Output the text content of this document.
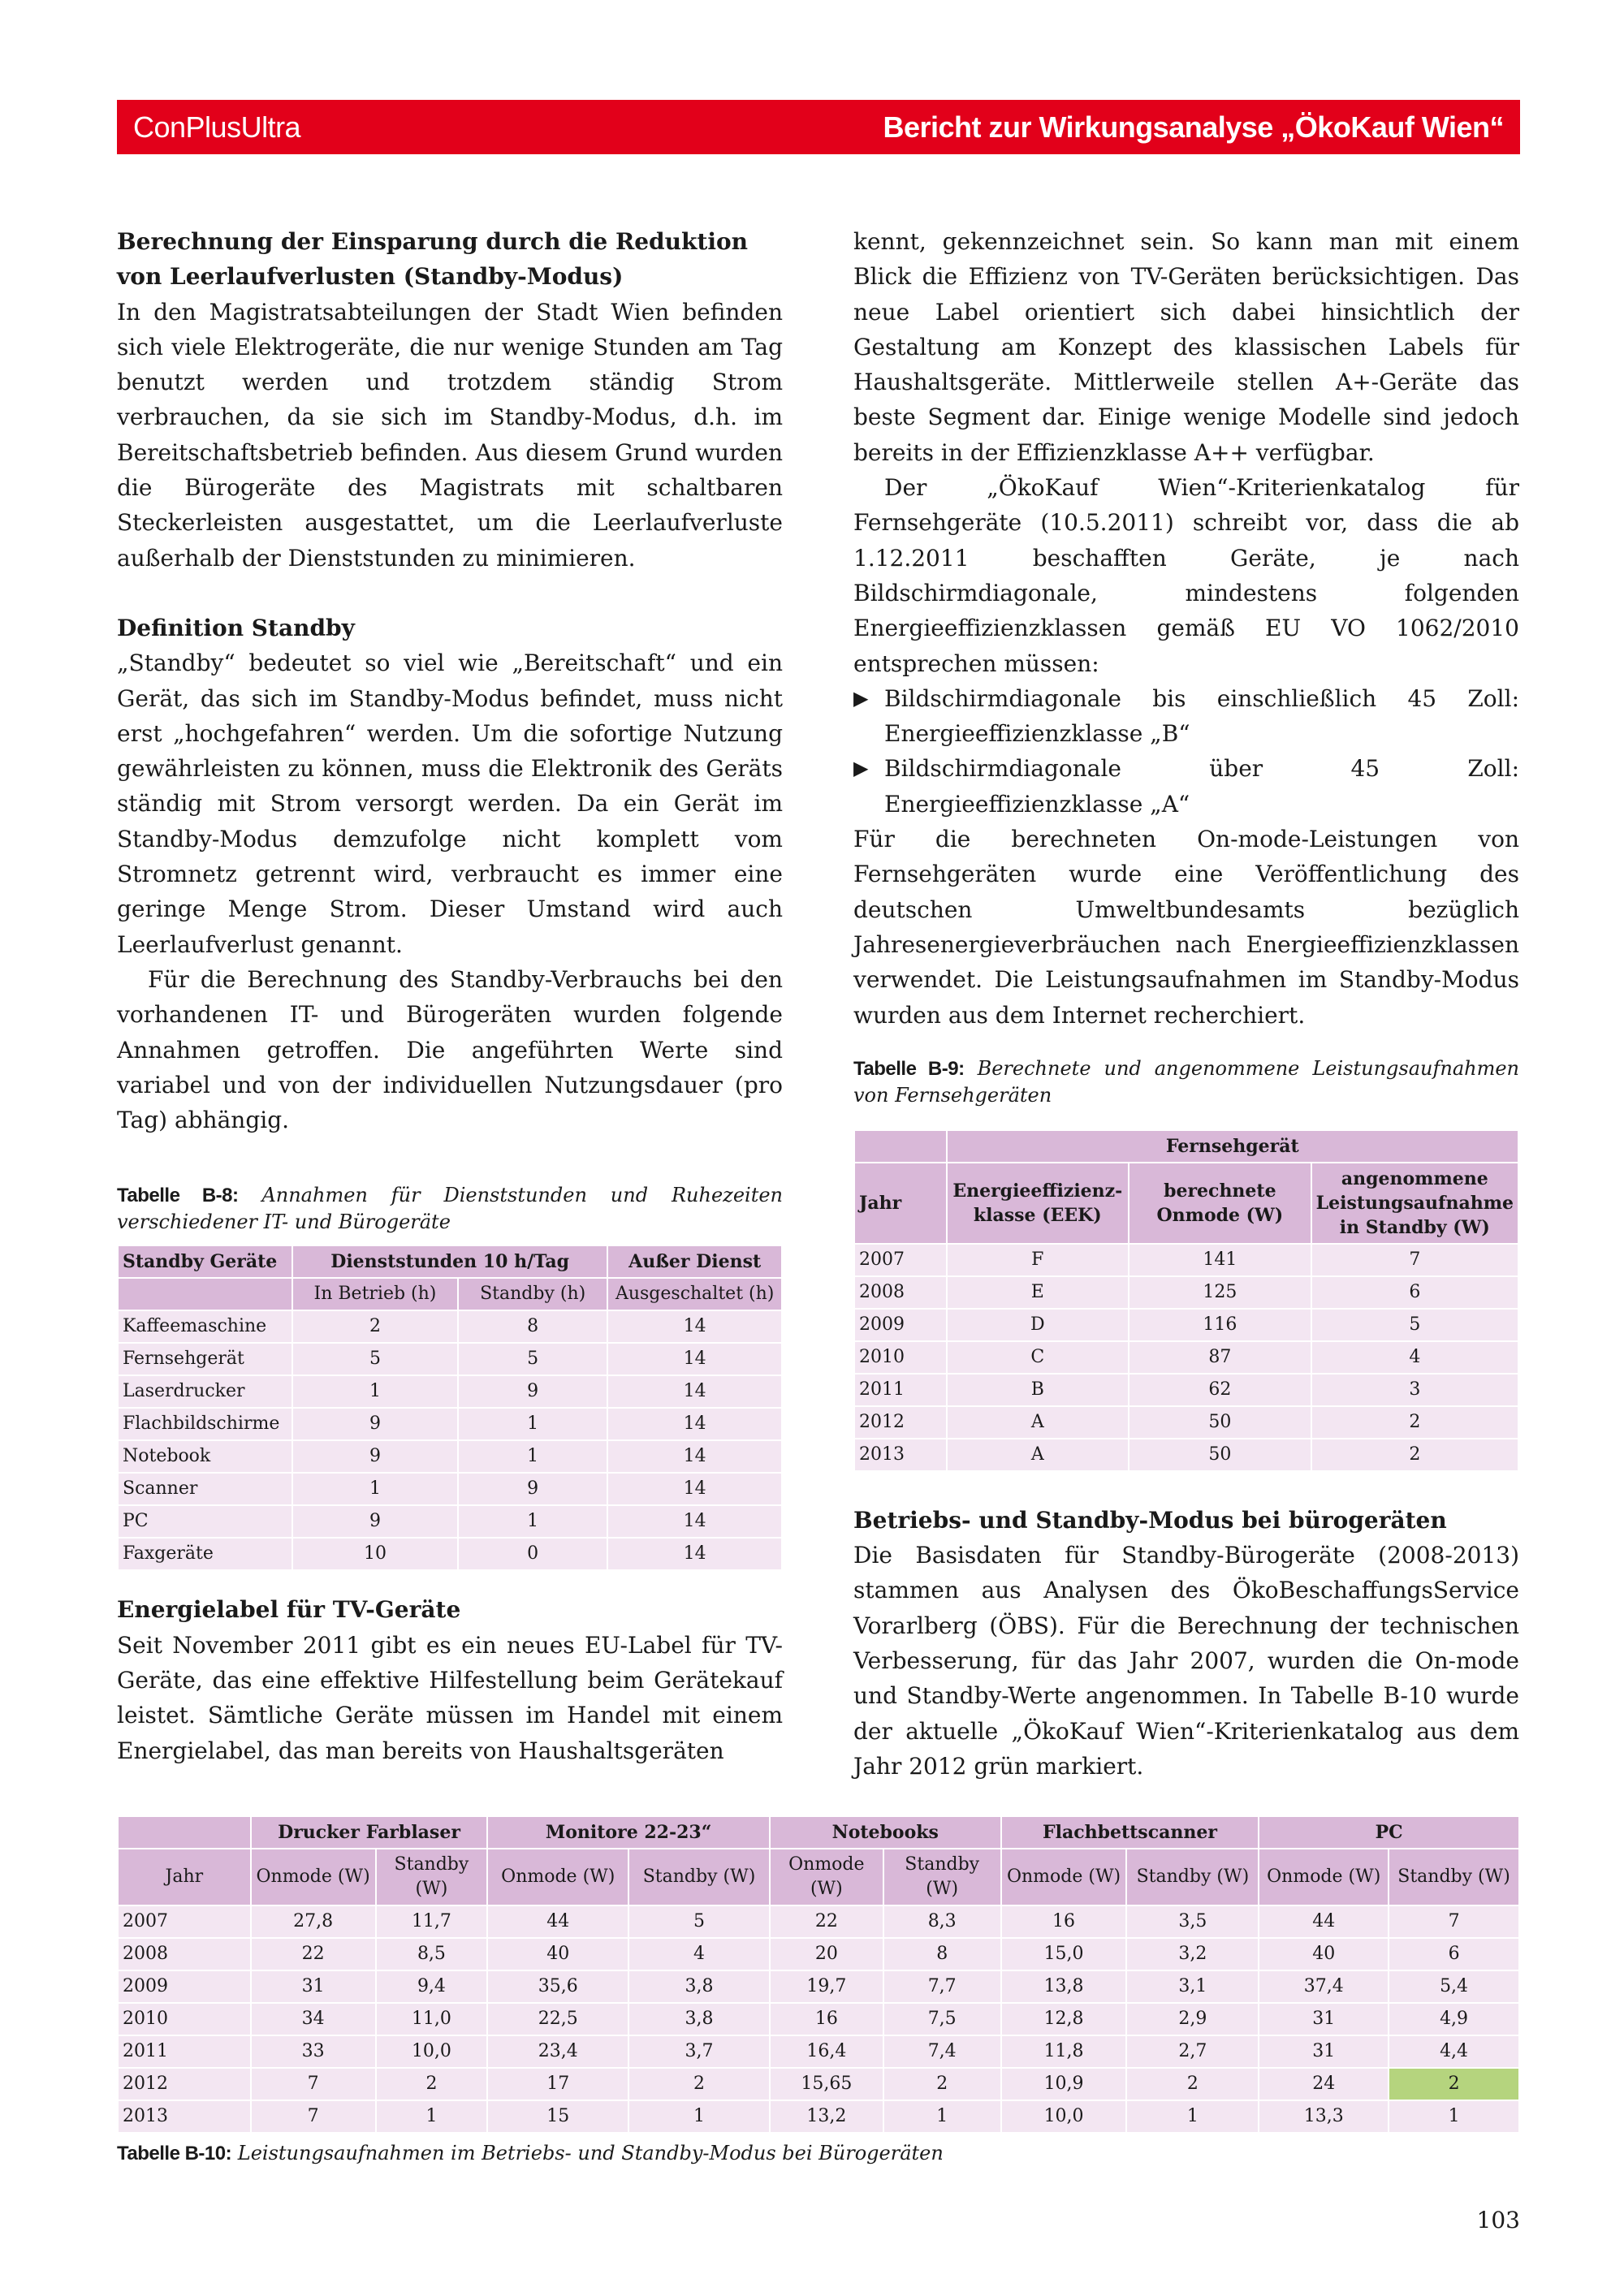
ConPlusUltra	Bericht zur Wirkungsanalyse „ÖkoKauf Wien“
Berechnung der Einsparung durch die Reduktion von Leerlaufverlusten (Standby-Modus)

In den Magistratsabteilungen der Stadt Wien befinden sich viele Elektrogeräte, die nur wenige Stunden am Tag benutzt werden und trotzdem ständig Strom verbrauchen, da sie sich im Standby-Modus, d.h. im Bereitschaftsbetrieb befinden. Aus diesem Grund wurden die Bürogeräte des Magistrats mit schaltbaren Steckerleisten ausgestattet, um die Leerlaufverluste außerhalb der Dienststunden zu minimieren.

Definition Standby

„Standby“ bedeutet so viel wie „Bereitschaft“ und ein Gerät, das sich im Standby-Modus befindet, muss nicht erst „hochgefahren“ werden. Um die sofortige Nutzung gewährleisten zu können, muss die Elektronik des Geräts ständig mit Strom versorgt werden. Da ein Gerät im Standby-Modus demzufolge nicht komplett vom Stromnetz getrennt wird, verbraucht es immer eine geringe Menge Strom. Dieser Umstand wird auch Leerlaufverlust genannt.

Für die Berechnung des Standby-Verbrauchs bei den vorhandenen IT- und Bürogeräten wurden folgende Annahmen getroffen. Die angeführten Werte sind variabel und von der individuellen Nutzungsdauer (pro Tag) abhängig.

Tabelle B-8: Annahmen für Dienststunden und Ruhezeiten verschiedener IT- und Bürogeräte

Standby Geräte	Dienststunden 10 h/Tag		Außer Dienst
	In Betrieb (h)	Standby (h)	Ausgeschaltet (h)
Kaffeemaschine	2	8	14
Fernsehgerät	5	5	14
Laserdrucker	1	9	14
Flachbildschirme	9	1	14
Notebook	9	1	14
Scanner	1	9	14
PC	9	1	14
Faxgeräte	10	0	14
Energielabel für TV-Geräte

Seit November 2011 gibt es ein neues EU-Label für TV-Geräte, das eine effektive Hilfestellung beim Gerätekauf leistet. Sämtliche Geräte müssen im Handel mit einem Energielabel, das man bereits von Haushaltsgeräten

kennt, gekennzeichnet sein. So kann man mit einem Blick die Effizienz von TV-Geräten berücksichtigen. Das neue Label orientiert sich dabei hinsichtlich der Gestaltung am Konzept des klassischen Labels für Haushaltsgeräte. Mittlerweile stellen A+-Geräte das beste Segment dar. Einige wenige Modelle sind jedoch bereits in der Effizienzklasse A++ verfügbar.

Der „ÖkoKauf Wien“-Kriterienkatalog für Fernsehgeräte (10.5.2011) schreibt vor, dass die ab 1.12.2011 beschafften Geräte, je nach Bildschirmdiagonale, mindestens folgenden Energieeffizienzklassen gemäß EU VO 1062/2010 entsprechen müssen:

▶ Bildschirmdiagonale bis einschließlich 45 Zoll: Energieeffizienzklasse „B“
▶ Bildschirmdiagonale über 45 Zoll: Energieeffizienzklasse „A“

Für die berechneten On-mode-Leistungen von Fernsehgeräten wurde eine Veröffentlichung des deutschen Umweltbundesamts bezüglich Jahresenergieverbräuchen nach Energieeffizienzklassen verwendet. Die Leistungsaufnahmen im Standby-Modus wurden aus dem Internet recherchiert.

Tabelle B-9: Berechnete und angenommene Leistungsaufnahmen von Fernsehgeräten

	Fernsehgerät		
Jahr	Energieeffizienz-klasse (EEK)	berechnete Onmode (W)	angenommene Leistungsaufnahme in Standby (W)
2007	F	141	7
2008	E	125	6
2009	D	116	5
2010	C	87	4
2011	B	62	3
2012	A	50	2
2013	A	50	2
Betriebs- und Standby-Modus bei bürogeräten

Die Basisdaten für Standby-Bürogeräte (2008-2013) stammen aus Analysen des ÖkoBeschaffungsService Vorarlberg (ÖBS). Für die Berechnung der technischen Verbesserung, für das Jahr 2007, wurden die On-mode und Standby-Werte angenommen. In Tabelle B-10 wurde der aktuelle „ÖkoKauf Wien“-Kriterienkatalog aus dem Jahr 2012 grün markiert.

	Drucker Farblaser		Monitore 22-23“		Notebooks		Flachbettscanner		PC	
Jahr	Onmode (W)	Standby (W)	Onmode (W)	Standby (W)	Onmode (W)	Standby (W)	Onmode (W)	Standby (W)	Onmode (W)	Standby (W)
2007	27,8	11,7	44	5	22	8,3	16	3,5	44	7
2008	22	8,5	40	4	20	8	15,0	3,2	40	6
2009	31	9,4	35,6	3,8	19,7	7,7	13,8	3,1	37,4	5,4
2010	34	11,0	22,5	3,8	16	7,5	12,8	2,9	31	4,9
2011	33	10,0	23,4	3,7	16,4	7,4	11,8	2,7	31	4,4
2012	7	2	17	2	15,65	2	10,9	2	24	2
2013	7	1	15	1	13,2	1	10,0	1	13,3	1

Tabelle B-10: Leistungsaufnahmen im Betriebs- und Standby-Modus bei Bürogeräten

103
